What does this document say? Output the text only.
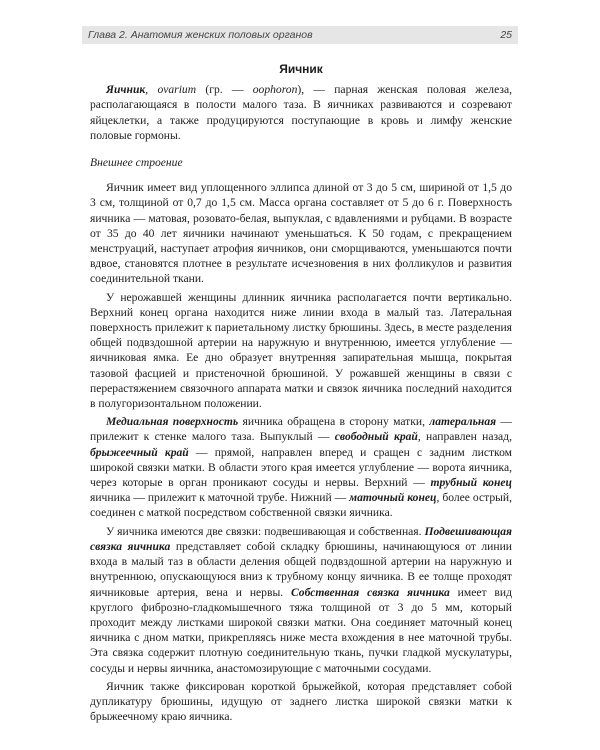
Глава 2. Анатомия женских половых органов	25
Яичник

Яичник, ovarium (гр. — oophoron), — парная женская половая железа, располагающаяся в полости малого таза. В яичниках развиваются и созревают яйцеклетки, а также продуцируются поступающие в кровь и лимфу женские половые гормоны.

Внешнее строение

Яичник имеет вид уплощенного эллипса длиной от 3 до 5 см, шириной от 1,5 до 3 см, толщиной от 0,7 до 1,5 см. Масса органа составляет от 5 до 6 г. Поверхность яичника — матовая, розовато-белая, выпуклая, с вдавлениями и рубцами. В возрасте от 35 до 40 лет яичники начинают уменьшаться. К 50 годам, с прекращением менструаций, наступает атрофия яичников, они сморщиваются, уменьшаются почти вдвое, становятся плотнее в результате исчезновения в них фолликулов и развития соединительной ткани.

У нерожавшей женщины длинник яичника располагается почти вертикально. Верхний конец органа находится ниже линии входа в малый таз. Латеральная поверхность прилежит к париетальному листку брюшины. Здесь, в месте разделения общей подвздошной артерии на наружную и внутреннюю, имеется углубление — яичниковая ямка. Ее дно образует внутренняя запирательная мышца, покрытая тазовой фасцией и пристеночной брюшиной. У рожавшей женщины в связи с перерастяжением связочного аппарата матки и связок яичника последний находится в полугоризонтальном положении.

Медиальная поверхность яичника обращена в сторону матки, латеральная — прилежит к стенке малого таза. Выпуклый — свободный край, направлен назад, брыжеечный край — прямой, направлен вперед и сращен с задним листком широкой связки матки. В области этого края имеется углубление — ворота яичника, через которые в орган проникают сосуды и нервы. Верхний — трубный конец яичника — прилежит к маточной трубе. Нижний — маточный конец, более острый, соединен с маткой посредством собственной связки яичника.

У яичника имеются две связки: подвешивающая и собственная. Подвешивающая связка яичника представляет собой складку брюшины, начинающуюся от линии входа в малый таз в области деления общей подвздошной артерии на наружную и внутреннюю, опускающуюся вниз к трубному концу яичника. В ее толще проходят яичниковые артерия, вена и нервы. Собственная связка яичника имеет вид круглого фиброзно-гладкомышечного тяжа толщиной от 3 до 5 мм, который проходит между листками широкой связки матки. Она соединяет маточный конец яичника с дном матки, прикрепляясь ниже места вхождения в нее маточной трубы. Эта связка содержит плотную соединительную ткань, пучки гладкой мускулатуры, сосуды и нервы яичника, анастомозирующие с маточными сосудами.

Яичник также фиксирован короткой брыжейкой, которая представляет собой дупликатуру брюшины, идущую от заднего листка широкой связки матки к брыжеечному краю яичника.
